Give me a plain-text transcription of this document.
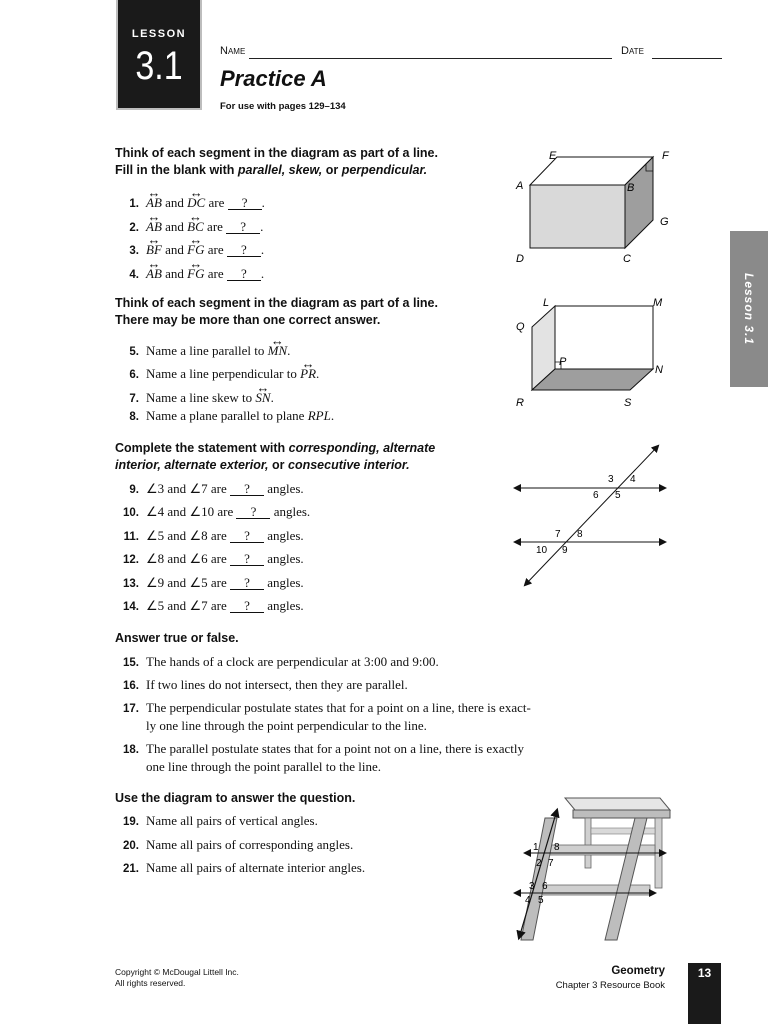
LESSON
3.1	Name	Date
Practice A
For use with pages 129–134
Lesson 3.1
Think of each segment in the diagram as part of a line.
Fill in the blank with parallel, skew, or perpendicular.
1. ↔ AB and ↔ DC are ? .
2. ↔ AB and ↔ BC are ? .
3. ↔ BF and ↔ FG are ? .
4. ↔ AB and ↔ FG are ? .
E	F
A	B
G
D	C
Think of each segment in the diagram as part of a line.
There may be more than one correct answer.
5. Name a line parallel to ↔ MN.
6. Name a line perpendicular to ↔ PR.
7. Name a line skew to ↔ SN.
8. Name a plane parallel to plane RPL.
L	M
Q
P
N
R	S
Complete the statement with corresponding, alternate
interior, alternate exterior, or consecutive interior.
9. ∠3 and ∠7 are ? angles.
10. ∠4 and ∠10 are ? angles.
11. ∠5 and ∠8 are ? angles.
12. ∠8 and ∠6 are ? angles.
13. ∠9 and ∠5 are ? angles.
14. ∠5 and ∠7 are ? angles.
3 4
6 5
7 8
10 9
Answer true or false.
15. The hands of a clock are perpendicular at 3:00 and 9:00.
16. If two lines do not intersect, then they are parallel.
17. The perpendicular postulate states that for a point on a line, there is exact-
ly one line through the point perpendicular to the line.
18. The parallel postulate states that for a point not on a line, there is exactly
one line through the point parallel to the line.
Use the diagram to answer the question.
19. Name all pairs of vertical angles.
20. Name all pairs of corresponding angles.
21. Name all pairs of alternate interior angles.
1 8
2 7
3 6
4 5
Copyright © McDougal Littell Inc.
All rights reserved.
Geometry
Chapter 3 Resource Book
13
